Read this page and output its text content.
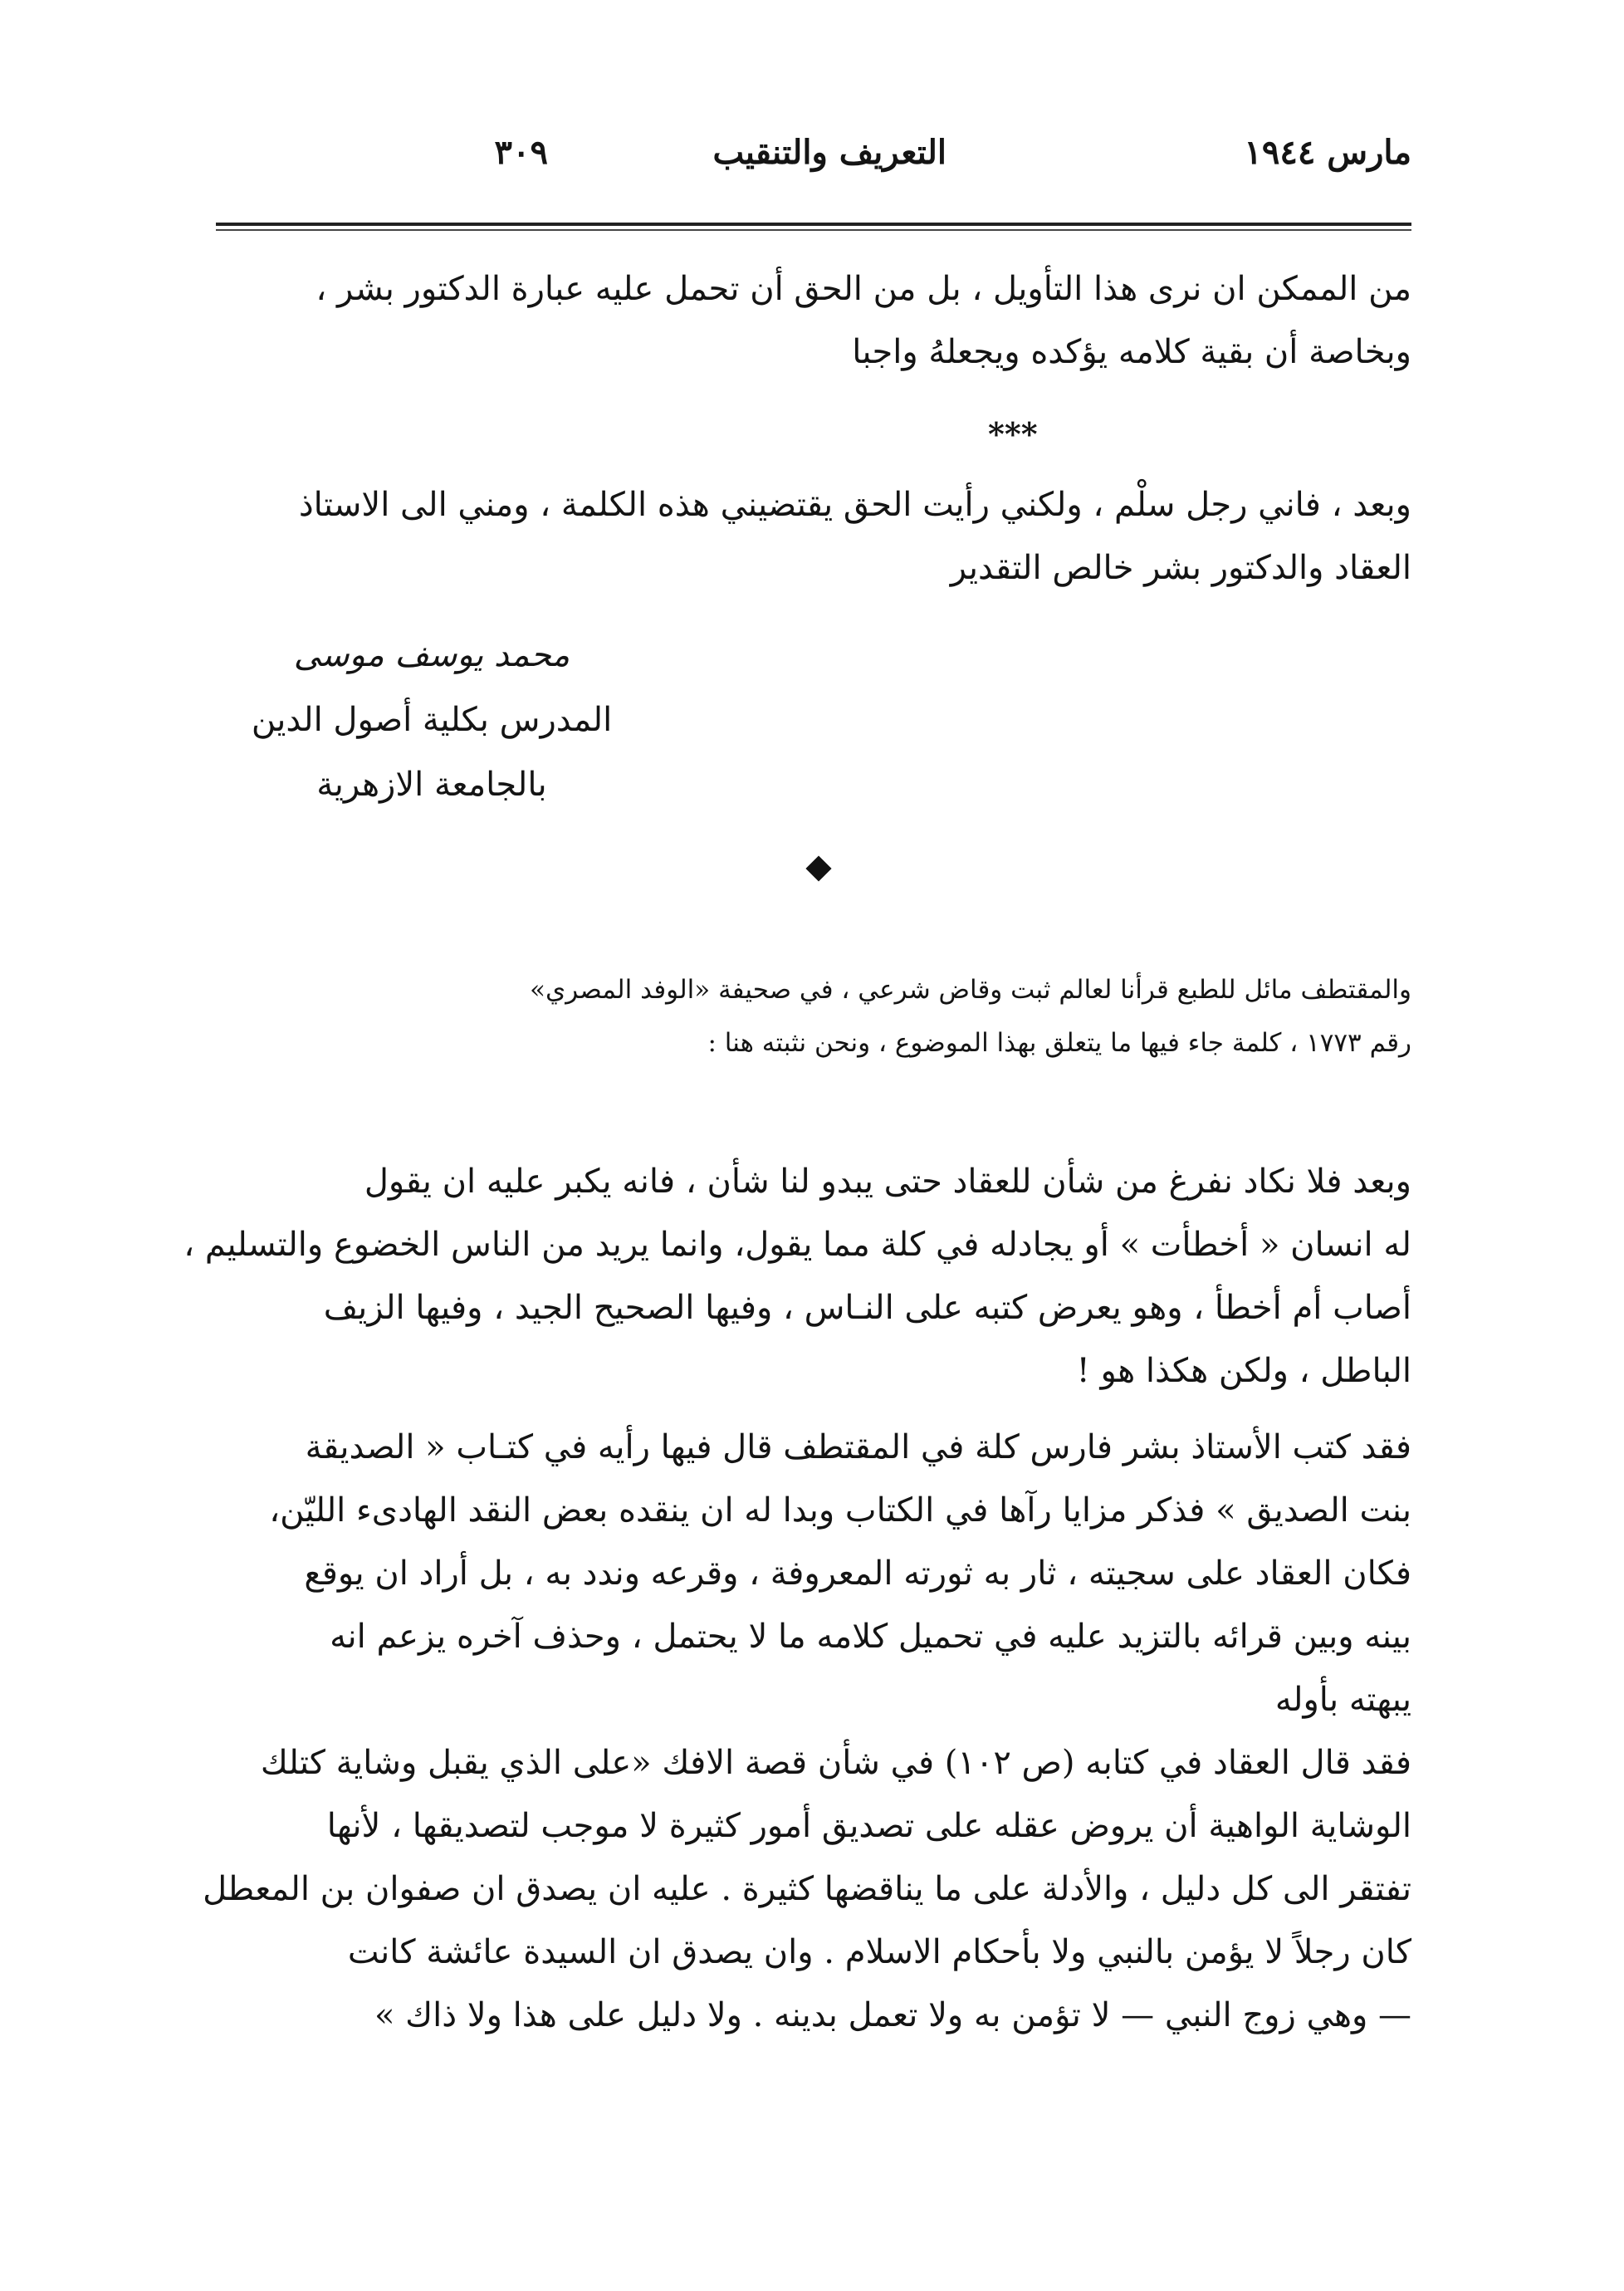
٣٠٩	التعريف والتنقيب	مارس ١٩٤٤

من الممكن ان نرى هذا التأويل ، بل من الحق أن تحمل عليه عبارة الدكتور بشر ،

وبخاصة أن بقية كلامه يؤكده ويجعلهُ واجبا

***

وبعد ، فاني رجل سلْم ، ولكني رأيت الحق يقتضيني هذه الكلمة ، ومني الى الاستاذ

العقاد والدكتور بشر خالص التقدير

محمد يوسف موسى

المدرس بكلية أصول الدين

بالجامعة الازهرية

والمقتطف مائل للطبع قرأنا لعالم ثبت وقاض شرعي ، في صحيفة «الوفد المصري»

رقم ١٧٧٣ ، كلمة جاء فيها ما يتعلق بهذا الموضوع ، ونحن نثبته هنا :

وبعد فلا نكاد نفرغ من شأن للعقاد حتى يبدو لنا شأن ، فانه يكبر عليه ان يقول

له انسان « أخطأت » أو يجادله في كلة مما يقول، وانما يريد من الناس الخضوع والتسليم ،

أصاب أم أخطأ ، وهو يعرض كتبه على النـاس ، وفيها الصحيح الجيد ، وفيها الزيف

الباطل ، ولكن هكذا هو !

فقد كتب الأستاذ بشر فارس كلة في المقتطف قال فيها رأيه في كتـاب « الصديقة

بنت الصديق » فذكر مزايا رآها في الكتاب وبدا له ان ينقده بعض النقد الهادىء الليّن،

فكان العقاد على سجيته ، ثار به ثورته المعروفة ، وقرعه وندد به ، بل أراد ان يوقع

بينه وبين قرائه بالتزيد عليه في تحميل كلامه ما لا يحتمل ، وحذف آخره يزعم انه

يبهته بأوله

فقد قال العقاد في كتابه (ص ١٠٢) في شأن قصة الافك «على الذي يقبل وشاية كتلك

الوشاية الواهية أن يروض عقله على تصديق أمور كثيرة لا موجب لتصديقها ، لأنها

تفتقر الى كل دليل ، والأدلة على ما يناقضها كثيرة . عليه ان يصدق ان صفوان بن المعطل

كان رجلاً لا يؤمن بالنبي ولا بأحكام الاسلام . وان يصدق ان السيدة عائشة كانت

— وهي زوج النبي — لا تؤمن به ولا تعمل بدينه . ولا دليل على هذا ولا ذاك »
